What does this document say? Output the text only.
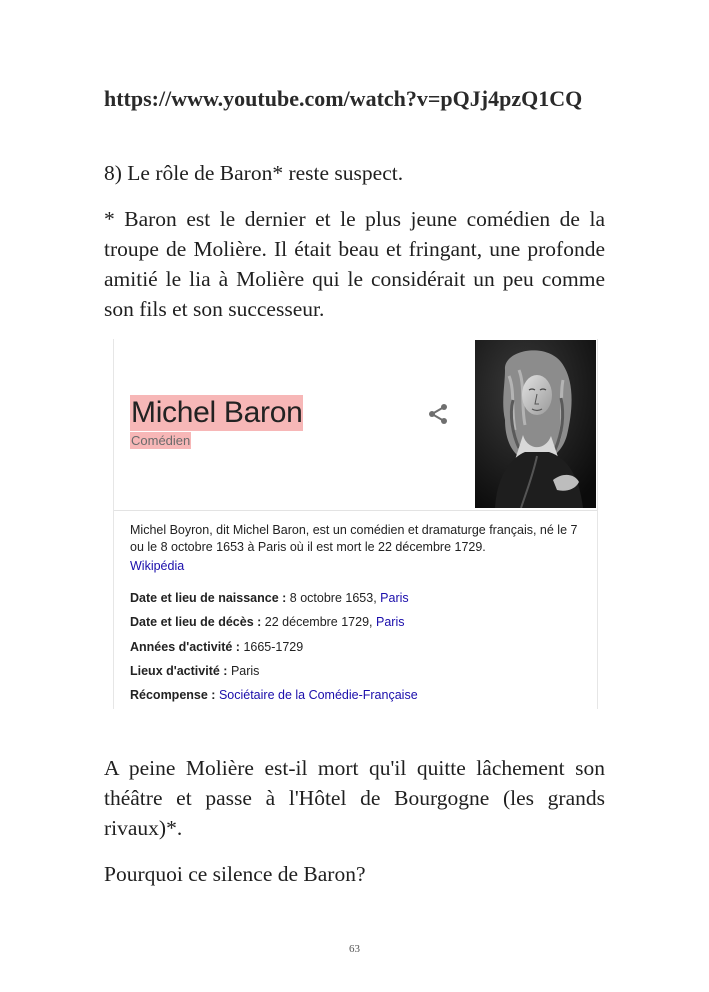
https://www.youtube.com/watch?v=pQJj4pzQ1CQ
8) Le rôle de Baron* reste suspect.
* Baron est le dernier et le plus jeune comédien de la troupe de Molière. Il était beau et fringant, une profonde amitié le lia à Molière qui le considérait un peu comme son fils et son successeur.
Michel Baron
Comédien
Michel Boyron, dit Michel Baron, est un comédien et dramaturge français, né le 7 ou le 8 octobre 1653 à Paris où il est mort le 22 décembre 1729.
Wikipédia
Date et lieu de naissance : 8 octobre 1653, Paris
Date et lieu de décès : 22 décembre 1729, Paris
Années d'activité : 1665-1729
Lieux d'activité : Paris
Récompense : Sociétaire de la Comédie-Française
A peine Molière est-il mort qu'il quitte lâchement son théâtre et passe à l'Hôtel de Bourgogne (les grands rivaux)*.
Pourquoi ce silence de Baron?
63
